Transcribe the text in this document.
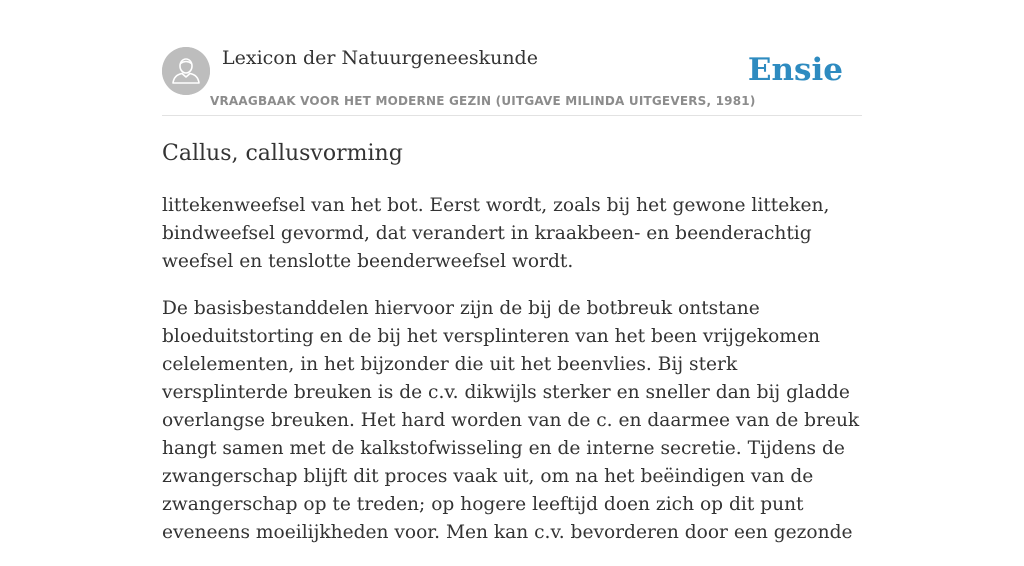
Lexicon der Natuurgeneeskunde
VRAAGBAAK VOOR HET MODERNE GEZIN (UITGAVE MILINDA UITGEVERS, 1981)
Ensie
Callus, callusvorming

littekenweefsel van het bot. Eerst wordt, zoals bij het gewone litteken, bindweefsel gevormd, dat verandert in kraakbeen- en beenderachtig weefsel en tenslotte beenderweefsel wordt.

De basisbestanddelen hiervoor zijn de bij de botbreuk ontstane bloeduitstorting en de bij het versplinteren van het been vrijgekomen celelementen, in het bijzonder die uit het beenvlies. Bij sterk versplinterde breuken is de c.v. dikwijls sterker en sneller dan bij gladde overlangse breuken. Het hard worden van de c. en daarmee van de breuk hangt samen met de kalkstofwisseling en de interne secretie. Tijdens de zwangerschap blijft dit proces vaak uit, om na het beëindigen van de zwangerschap op te treden; op hogere leeftijd doen zich op dit punt eveneens moeilijkheden voor. Men kan c.v. bevorderen door een gezonde
